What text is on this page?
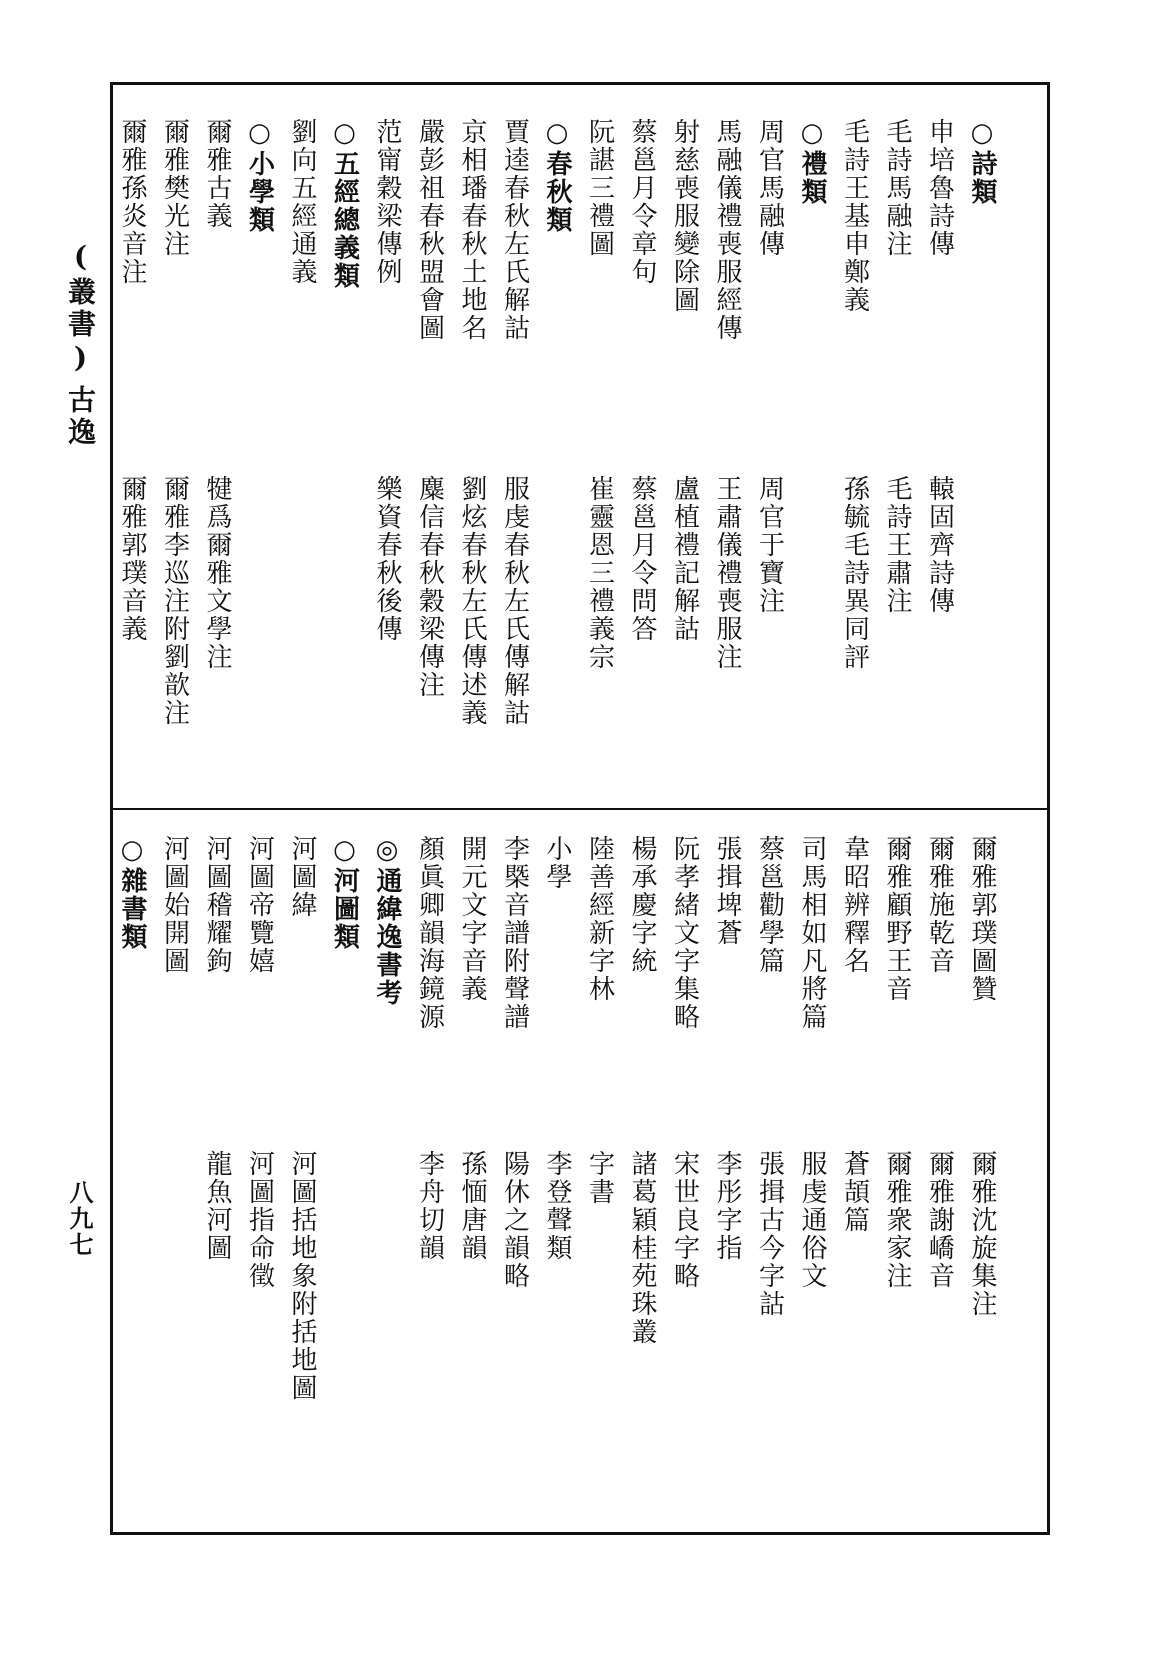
(叢書)
古逸
八九七
○詩類
申培魯詩傳
轅固齊詩傳
毛詩馬融注
毛詩王肅注
毛詩王基申鄭義
孫毓毛詩異同評
○禮類
周官馬融傳
周官于寶注
馬融儀禮喪服經傳
王肅儀禮喪服注
射慈喪服變除圖
盧植禮記解詁
蔡邕月令章句
蔡邕月令問答
阮諶三禮圖
崔靈恩三禮義宗
○春秋類
賈逵春秋左氏解詁
服虔春秋左氏傳解詁
京相璠春秋土地名
劉炫春秋左氏傳述義
嚴彭祖春秋盟會圖
麋信春秋穀梁傳注
范甯穀梁傳例
樂資春秋後傳
○五經總義類
劉向五經通義
○小學類
爾雅古義
犍爲爾雅文學注
爾雅樊光注
爾雅李巡注附劉歆注
爾雅孫炎音注
爾雅郭璞音義
爾雅郭璞圖贊
爾雅沈旋集注
爾雅施乾音
爾雅謝嶠音
爾雅顧野王音
爾雅衆家注
韋昭辨釋名
蒼頡篇
司馬相如凡將篇
服虔通俗文
蔡邕勸學篇
張揖古今字詁
張揖埤蒼
李彤字指
阮孝緒文字集略
宋世良字略
楊承慶字統
諸葛穎桂苑珠叢
陸善經新字林
字書
小學
李登聲類
李槩音譜附聲譜
陽休之韻略
開元文字音義
孫愐唐韻
顏眞卿韻海鏡源
李舟切韻
◎通緯逸書考
○河圖類
河圖緯
河圖括地象附括地圖
河圖帝覽嬉
河圖指命徵
河圖稽耀鉤
龍魚河圖
河圖始開圖
○雜書類
